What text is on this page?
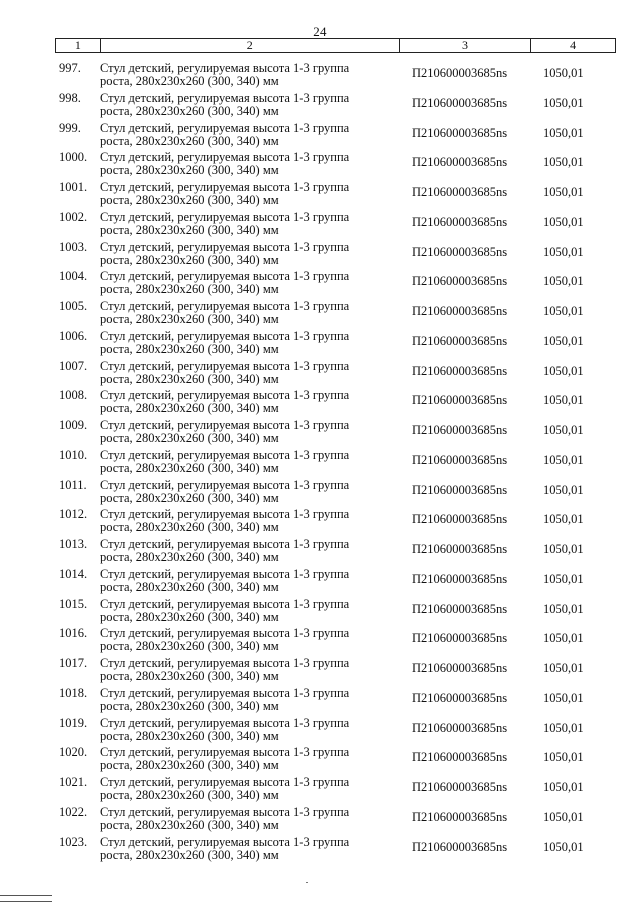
24
1	2	3	4
997.	Стул детский, регулируемая высота 1-3 группа
роста, 280x230x260 (300, 340) мм
П210600003685ns	1050,01
998.	Стул детский, регулируемая высота 1-3 группа
роста, 280x230x260 (300, 340) мм
П210600003685ns	1050,01
999.	Стул детский, регулируемая высота 1-3 группа
роста, 280x230x260 (300, 340) мм
П210600003685ns	1050,01
1000.	Стул детский, регулируемая высота 1-3 группа
роста, 280x230x260 (300, 340) мм
П210600003685ns	1050,01
1001.	Стул детский, регулируемая высота 1-3 группа
роста, 280x230x260 (300, 340) мм
П210600003685ns	1050,01
1002.	Стул детский, регулируемая высота 1-3 группа
роста, 280x230x260 (300, 340) мм
П210600003685ns	1050,01
1003.	Стул детский, регулируемая высота 1-3 группа
роста, 280x230x260 (300, 340) мм
П210600003685ns	1050,01
1004.	Стул детский, регулируемая высота 1-3 группа
роста, 280x230x260 (300, 340) мм
П210600003685ns	1050,01
1005.	Стул детский, регулируемая высота 1-3 группа
роста, 280x230x260 (300, 340) мм
П210600003685ns	1050,01
1006.	Стул детский, регулируемая высота 1-3 группа
роста, 280x230x260 (300, 340) мм
П210600003685ns	1050,01
1007.	Стул детский, регулируемая высота 1-3 группа
роста, 280x230x260 (300, 340) мм
П210600003685ns	1050,01
1008.	Стул детский, регулируемая высота 1-3 группа
роста, 280x230x260 (300, 340) мм
П210600003685ns	1050,01
1009.	Стул детский, регулируемая высота 1-3 группа
роста, 280x230x260 (300, 340) мм
П210600003685ns	1050,01
1010.	Стул детский, регулируемая высота 1-3 группа
роста, 280x230x260 (300, 340) мм
П210600003685ns	1050,01
1011.	Стул детский, регулируемая высота 1-3 группа
роста, 280x230x260 (300, 340) мм
П210600003685ns	1050,01
1012.	Стул детский, регулируемая высота 1-3 группа
роста, 280x230x260 (300, 340) мм
П210600003685ns	1050,01
1013.	Стул детский, регулируемая высота 1-3 группа
роста, 280x230x260 (300, 340) мм
П210600003685ns	1050,01
1014.	Стул детский, регулируемая высота 1-3 группа
роста, 280x230x260 (300, 340) мм
П210600003685ns	1050,01
1015.	Стул детский, регулируемая высота 1-3 группа
роста, 280x230x260 (300, 340) мм
П210600003685ns	1050,01
1016.	Стул детский, регулируемая высота 1-3 группа
роста, 280x230x260 (300, 340) мм
П210600003685ns	1050,01
1017.	Стул детский, регулируемая высота 1-3 группа
роста, 280x230x260 (300, 340) мм
П210600003685ns	1050,01
1018.	Стул детский, регулируемая высота 1-3 группа
роста, 280x230x260 (300, 340) мм
П210600003685ns	1050,01
1019.	Стул детский, регулируемая высота 1-3 группа
роста, 280x230x260 (300, 340) мм
П210600003685ns	1050,01
1020.	Стул детский, регулируемая высота 1-3 группа
роста, 280x230x260 (300, 340) мм
П210600003685ns	1050,01
1021.	Стул детский, регулируемая высота 1-3 группа
роста, 280x230x260 (300, 340) мм
П210600003685ns	1050,01
1022.	Стул детский, регулируемая высота 1-3 группа
роста, 280x230x260 (300, 340) мм
П210600003685ns	1050,01
1023.	Стул детский, регулируемая высота 1-3 группа
роста, 280x230x260 (300, 340) мм
П210600003685ns	1050,01
